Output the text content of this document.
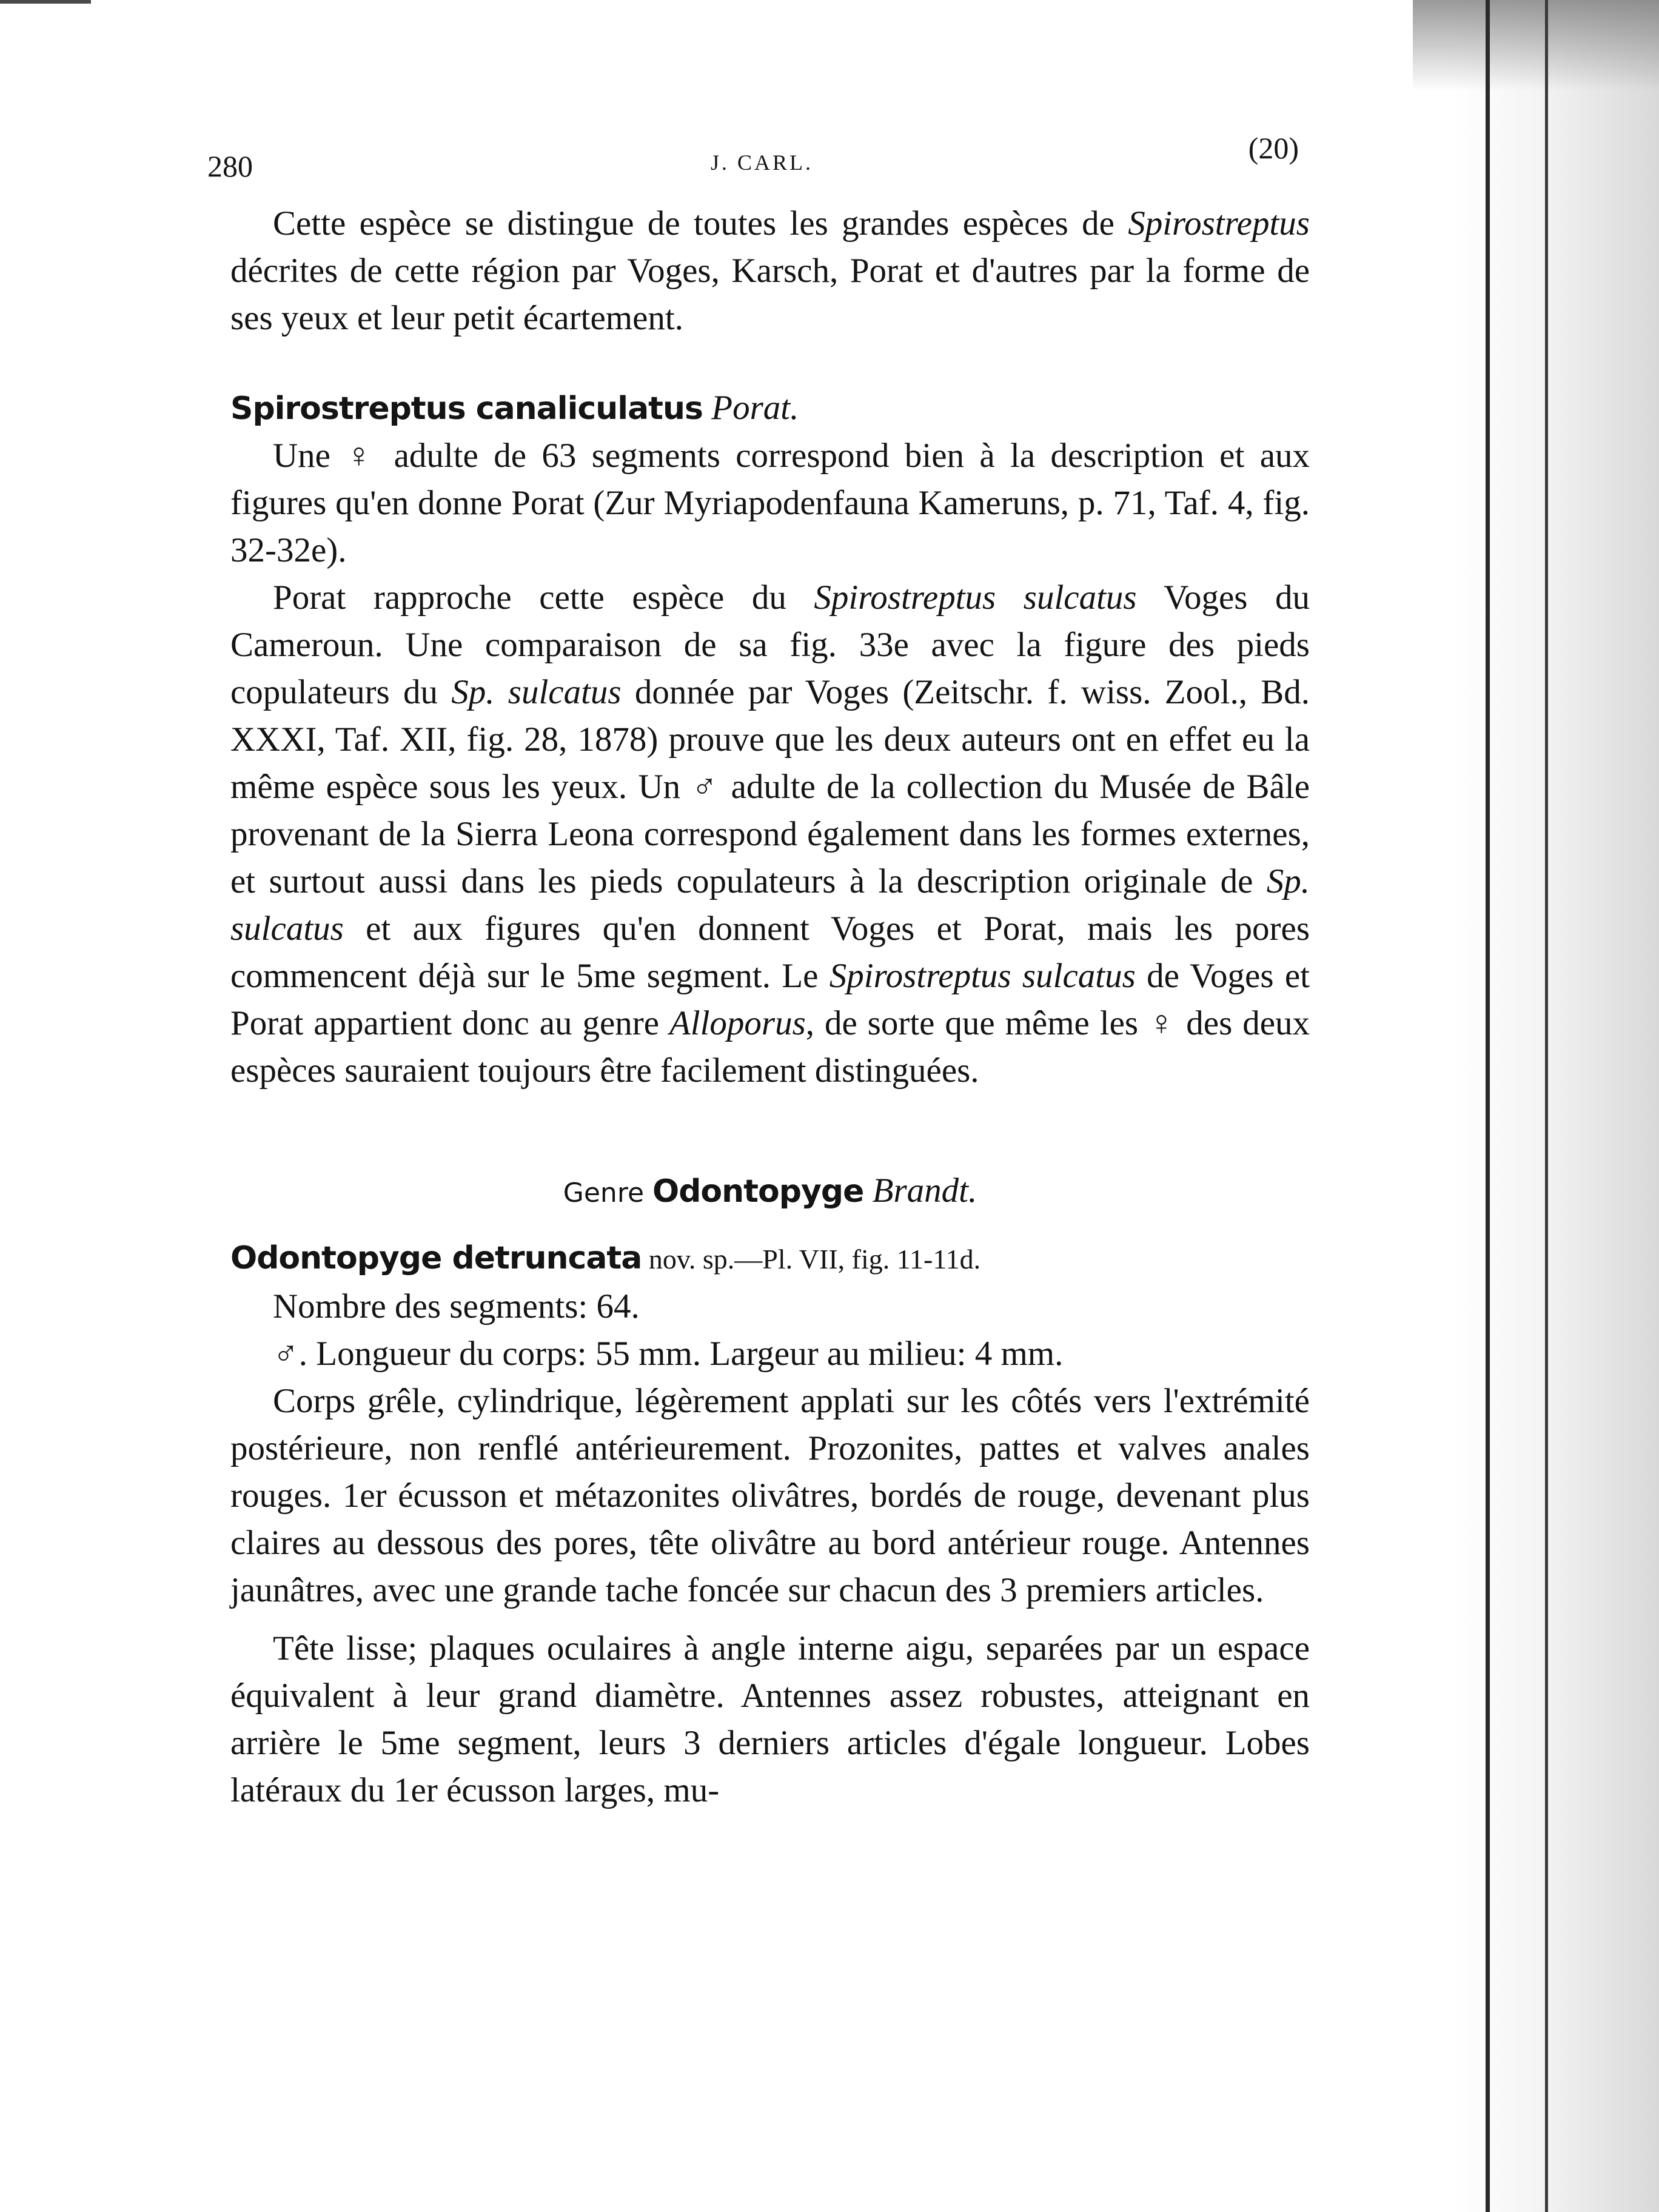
280	J. CARL.	(20)

Cette espèce se distingue de toutes les grandes espèces de Spirostreptus décrites de cette région par Voges, Karsch, Porat et d'autres par la forme de ses yeux et leur petit écartement.

Spirostreptus canaliculatus Porat.

Une ♀ adulte de 63 segments correspond bien à la description et aux figures qu'en donne Porat (Zur Myriapodenfauna Kameruns, p. 71, Taf. 4, fig. 32-32e).

Porat rapproche cette espèce du Spirostreptus sulcatus Voges du Cameroun. Une comparaison de sa fig. 33e avec la figure des pieds copulateurs du Sp. sulcatus donnée par Voges (Zeitschr. f. wiss. Zool., Bd. XXXI, Taf. XII, fig. 28, 1878) prouve que les deux auteurs ont en effet eu la même espèce sous les yeux. Un ♂ adulte de la collection du Musée de Bâle provenant de la Sierra Leona correspond également dans les formes externes, et surtout aussi dans les pieds copulateurs à la description originale de Sp. sulcatus et aux figures qu'en donnent Voges et Porat, mais les pores commencent déjà sur le 5me segment. Le Spirostreptus sulcatus de Voges et Porat appartient donc au genre Alloporus, de sorte que même les ♀ des deux espèces sauraient toujours être facilement distinguées.

Genre Odontopyge Brandt.

Odontopyge detruncata nov. sp.—Pl. VII, fig. 11-11d.

Nombre des segments: 64.

♂. Longueur du corps: 55 mm. Largeur au milieu: 4 mm.

Corps grêle, cylindrique, légèrement applati sur les côtés vers l'extrémité postérieure, non renflé antérieurement. Prozonites, pattes et valves anales rouges. 1er écusson et métazonites olivâtres, bordés de rouge, devenant plus claires au dessous des pores, tête olivâtre au bord antérieur rouge. Antennes jaunâtres, avec une grande tache foncée sur chacun des 3 premiers articles.

Tête lisse; plaques oculaires à angle interne aigu, separées par un espace équivalent à leur grand diamètre. Antennes assez robustes, atteignant en arrière le 5me segment, leurs 3 derniers articles d'égale longueur. Lobes latéraux du 1er écusson larges, mu-
